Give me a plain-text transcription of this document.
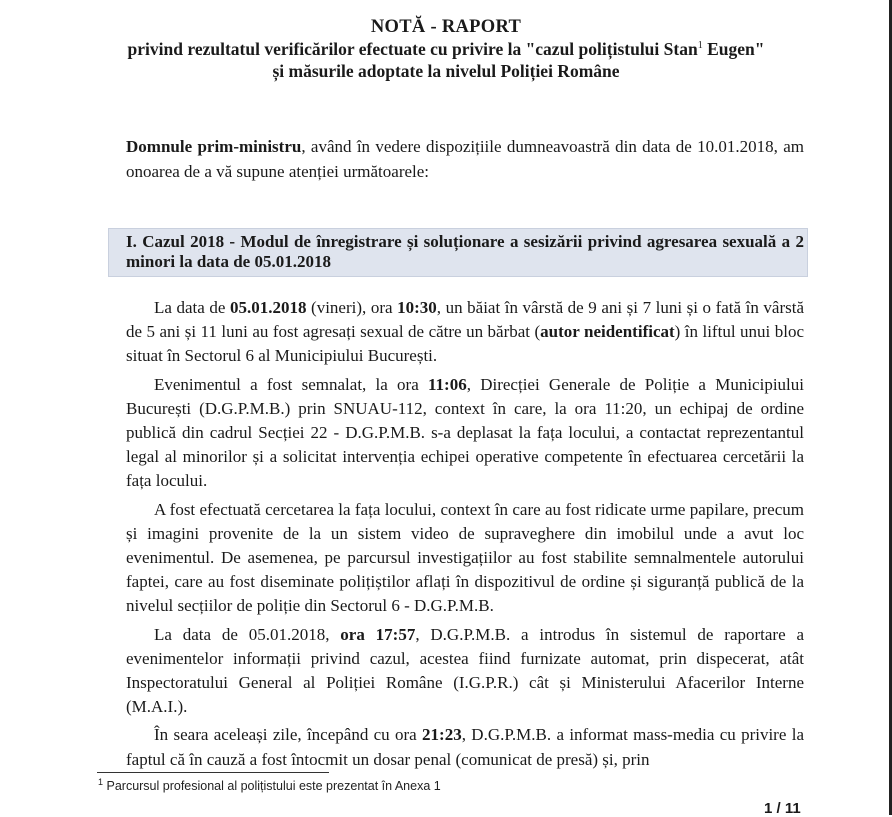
NOTĂ - RAPORT
privind rezultatul verificărilor efectuate cu privire la "cazul polițistului Stan$^1$ Eugen"
și măsurile adoptate la nivelul Poliției Române
Domnule prim-ministru, având în vedere dispozițiile dumneavoastră din data de 10.01.2018, am onoarea de a vă supune atenției următoarele:
I. Cazul 2018 - Modul de înregistrare și soluționare a sesizării privind agresarea sexuală a 2 minori la data de 05.01.2018

La data de 05.01.2018 (vineri), ora 10:30, un băiat în vârstă de 9 ani și 7 luni și o fată în vârstă de 5 ani și 11 luni au fost agresați sexual de către un bărbat (autor neidentificat) în liftul unui bloc situat în Sectorul 6 al Municipiului București.

Evenimentul a fost semnalat, la ora 11:06, Direcției Generale de Poliție a Municipiului București (D.G.P.M.B.) prin SNUAU-112, context în care, la ora 11:20, un echipaj de ordine publică din cadrul Secției 22 - D.G.P.M.B. s-a deplasat la fața locului, a contactat reprezentantul legal al minorilor și a solicitat intervenția echipei operative competente în efectuarea cercetării la fața locului.

A fost efectuată cercetarea la fața locului, context în care au fost ridicate urme papilare, precum și imagini provenite de la un sistem video de supraveghere din imobilul unde a avut loc evenimentul. De asemenea, pe parcursul investigațiilor au fost stabilite semnalmentele autorului faptei, care au fost diseminate polițiștilor aflați în dispozitivul de ordine și siguranță publică de la nivelul secțiilor de poliție din Sectorul 6 - D.G.P.M.B.

La data de 05.01.2018, ora 17:57, D.G.P.M.B. a introdus în sistemul de raportare a evenimentelor informații privind cazul, acestea fiind furnizate automat, prin dispecerat, atât Inspectoratului General al Poliției Române (I.G.P.R.) cât și Ministerului Afacerilor Interne (M.A.I.).

În seara aceleași zile, începând cu ora 21:23, D.G.P.M.B. a informat mass-media cu privire la faptul că în cauză a fost întocmit un dosar penal (comunicat de presă) și, prin

$^1$ Parcursul profesional al polițistului este prezentat în Anexa 1
1 / 11
